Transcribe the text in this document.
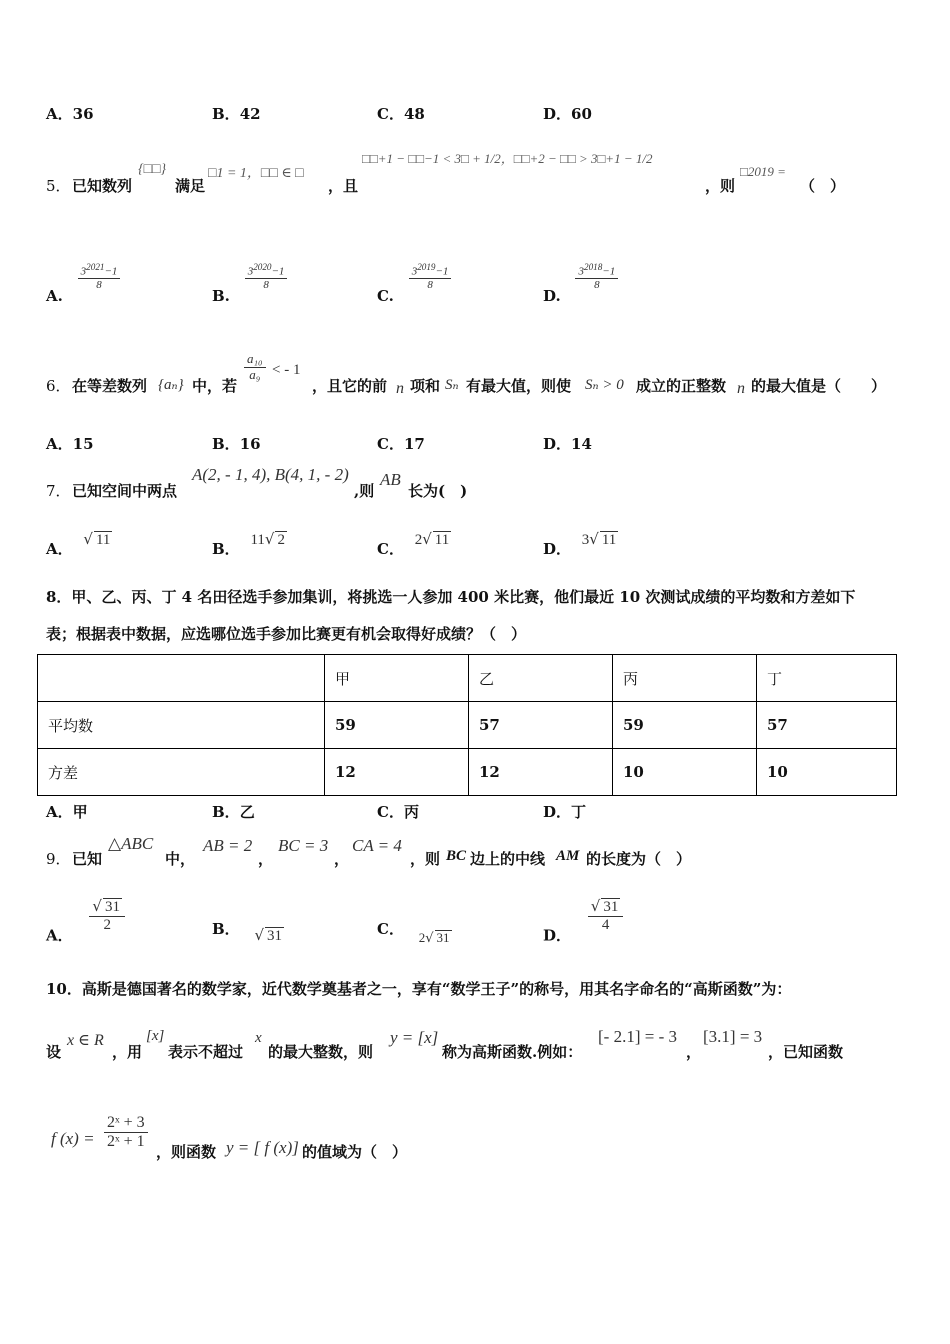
A．36	B．42	C．48	D．60
5． 已知数列
{□□}
满足
□1 = 1，□□ ∈ □
，且
□□+1 − □□−1 < 3□ + 1/2，□□+2 − □□ > 3□+1 − 1/2
，则
□2019 =
（　）
A.
$\frac{3^{2021}-1}{8}$
B.
$\frac{3^{2020}-1}{8}$
C.
$\frac{3^{2019}-1}{8}$
D.
$\frac{3^{2018}-1}{8}$
6． 在等差数列 {aₙ} 中，若
$\frac{\text{a₁₀}}{\text{a₉}}$ < - 1
，且它的前 n 项和 Sₙ 有最大值，则使 Sₙ > 0 成立的正整数 n 的最大值是（　　）
A．15	B．16	C．17	D．14
7． 已知空间中两点
A(2, - 1, 4), B(4, 1, - 2)
,则
AB
长为(　)
A． √ 11	B． 11√ 2	C． 2√ 11	D． 3√ 11
8．甲、乙、丙、丁 4 名田径选手参加集训，将挑选一人参加 400 米比赛，他们最近 10 次测试成绩的平均数和方差如下
表；根据表中数据，应选哪位选手参加比赛更有机会取得好成绩？（　）
	甲	乙	丙	丁
平均数	59	57	59	57
方差	12	12	10	10
A．甲	B．乙	C．丙	D．丁
9． 已知
△ABC
中，
AB = 2
，
BC = 3
，
CA = 4
，则 BC 边上的中线 AM 的长度为（　）
A．
$\frac{√ 31}{2}$	B． √ 31	C． 2√ 31	D．
$\frac{√ 31}{4}$
10．高斯是德国著名的数学家，近代数学奠基者之一，享有“数学王子”的称号，用其名字命名的“高斯函数”为：
设
x ∈ R
，用
[x]
表示不超过
x
的最大整数，则
y = [x]
称为高斯函数.例如：
[- 2.1] = - 3
，
[3.1] = 3
，已知函数
f $(x) = \frac{\text{2ˣ + 3}}{\text{2ˣ + 1}}$
，则函数 y = [ f (x)] 的值域为（　）
